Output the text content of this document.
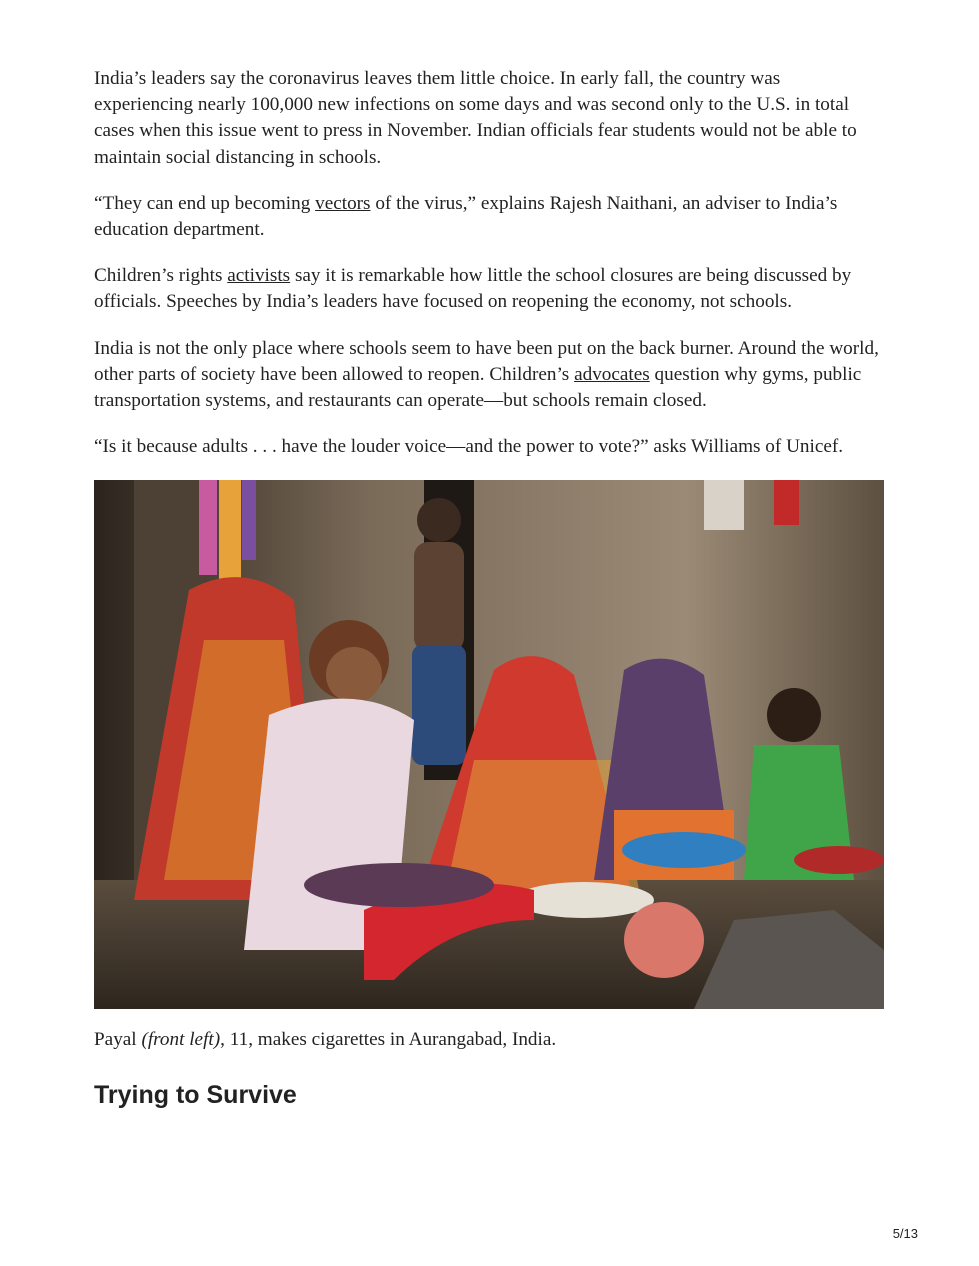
India’s leaders say the coronavirus leaves them little choice. In early fall, the country was experiencing nearly 100,000 new infections on some days and was second only to the U.S. in total cases when this issue went to press in November. Indian officials fear students would not be able to maintain social distancing in schools.

“They can end up becoming vectors of the virus,” explains Rajesh Naithani, an adviser to India’s education department.

Children’s rights activists say it is remarkable how little the school closures are being discussed by officials. Speeches by India’s leaders have focused on reopening the economy, not schools.

India is not the only place where schools seem to have been put on the back burner. Around the world, other parts of society have been allowed to reopen. Children’s advocates question why gyms, public transportation systems, and restaurants can operate—but schools remain closed.

“Is it because adults . . . have the louder voice—and the power to vote?” asks Williams of Unicef.

Payal (front left), 11, makes cigarettes in Aurangabad, India.

Trying to Survive
5/13
